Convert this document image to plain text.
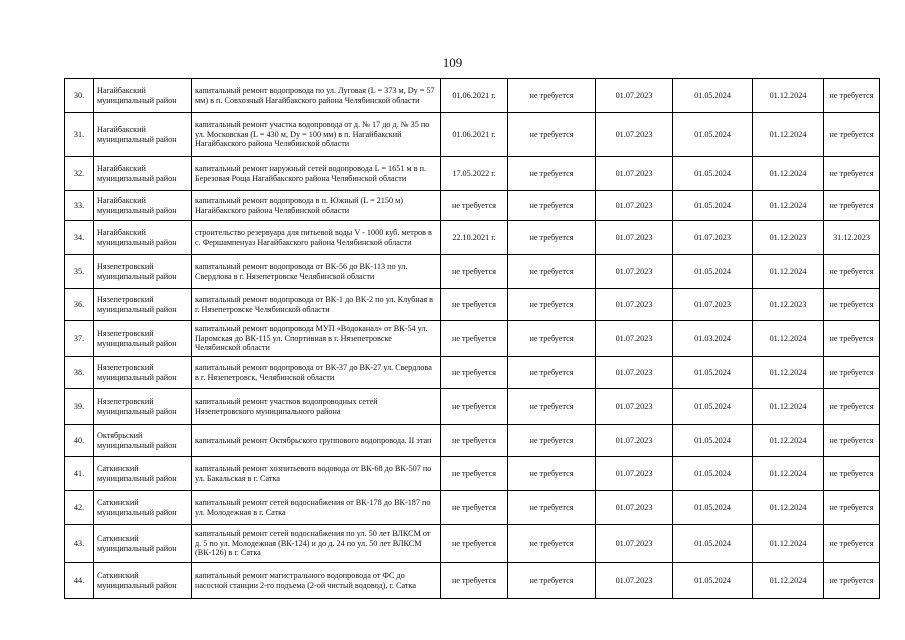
109
30.	Нагайбакский муниципальный район	капитальный ремонт водопровода по ул. Луговая (L = 373 м, Dу = 57 мм) в п. Совхозный Нагайбакского района Челябинской области	01.06.2021 г.	не требуется	01.07.2023	01.05.2024	01.12.2024	не требуется
31.	Нагайбакский муниципальный район	капитальный ремонт участка водопровода от д. № 17 до д. № 35 по ул. Московская (L = 430 м, Dу = 100 мм) в п. Нагайбакский Нагайбакского района Челябинской области	01.06.2021 г.	не требуется	01.07.2023	01.05.2024	01.12.2024	не требуется
32.	Нагайбакский муниципальный район	капитальный ремонт наружный сетей водопровода L = 1651 м в п. Березовая Роща Нагайбакского района Челябинской области	17.05.2022 г.	не требуется	01.07.2023	01.05.2024	01.12.2024	не требуется
33.	Нагайбакский муниципальный район	капитальный ремонт водопровода в п. Южный (L = 2150 м) Нагайбакского района Челябинской области	не требуется	не требуется	01.07.2023	01.05.2024	01.12.2024	не требуется
34.	Нагайбакский муниципальный район	строительство резервуара для питьевой воды V - 1000 куб. метров в с. Фершампенуаз Нагайбакского района Челябинской области	22.10.2021 г.	не требуется	01.07.2023	01.07.2023	01.12.2023	31.12.2023
35.	Нязепетровский муниципальный район	капитальный ремонт водопровода от ВК-56 до ВК-113 по ул. Свердлова в г. Нязепетровске Челябинской области	не требуется	не требуется	01.07.2023	01.05.2024	01.12.2024	не требуется
36.	Нязепетровский муниципальный район	капитальный ремонт водопровода от ВК-1 до ВК-2 по ул. Клубная в г. Нязепетровске Челябинской области	не требуется	не требуется	01.07.2023	01.07.2023	01.12.2023	не требуется
37.	Нязепетровский муниципальный район	капитальный ремонт водопровода МУП «Водоканал» от ВК-54 ул. Паромская до ВК-115 ул. Спортивная в г. Нязепетровске Челябинской области	не требуется	не требуется	01.07.2023	01.03.2024	01.12.2024	не требуется
38.	Нязепетровский муниципальный район	капитальный ремонт водопровода от ВК-37 до ВК-27 ул. Свердлова в г. Нязепетровск, Челябинской области	не требуется	не требуется	01.07.2023	01.05.2024	01.12.2024	не требуется
39.	Нязепетровский муниципальный район	капитальный ремонт участков водопроводных сетей Нязепетровского муниципального района	не требуется	не требуется	01.07.2023	01.05.2024	01.12.2024	не требуется
40.	Октябрьский муниципальный район	капитальный ремонт Октябрьского группового водопровода. II этап	не требуется	не требуется	01.07.2023	01.05.2024	01.12.2024	не требуется
41.	Саткинский муниципальный район	капитальный ремонт хозпитьевого водовода от ВК-68 до ВК-507 по ул. Бакальская в г. Сатка	не требуется	не требуется	01.07.2023	01.05.2024	01.12.2024	не требуется
42.	Саткинский муниципальный район	капитальный ремонт сетей водоснабжения от ВК-178 до ВК-187 по ул. Молодежная в г. Сатка	не требуется	не требуется	01.07.2023	01.05.2024	01.12.2024	не требуется
43.	Саткинский муниципальный район	капитальный ремонт сетей водоснабжения по ул. 50 лет ВЛКСМ от д. 5 по ул. Молодежная (ВК-124) и до д. 24 по ул. 50 лет ВЛКСМ (ВК-126) в г. Сатка	не требуется	не требуется	01.07.2023	01.05.2024	01.12.2024	не требуется
44.	Саткинский муниципальный район	капитальный ремонт магистрального водопровода от ФС до насосной станции 2-го подъема (2-ой чистый водовод), г. Сатка	не требуется	не требуется	01.07.2023	01.05.2024	01.12.2024	не требуется
